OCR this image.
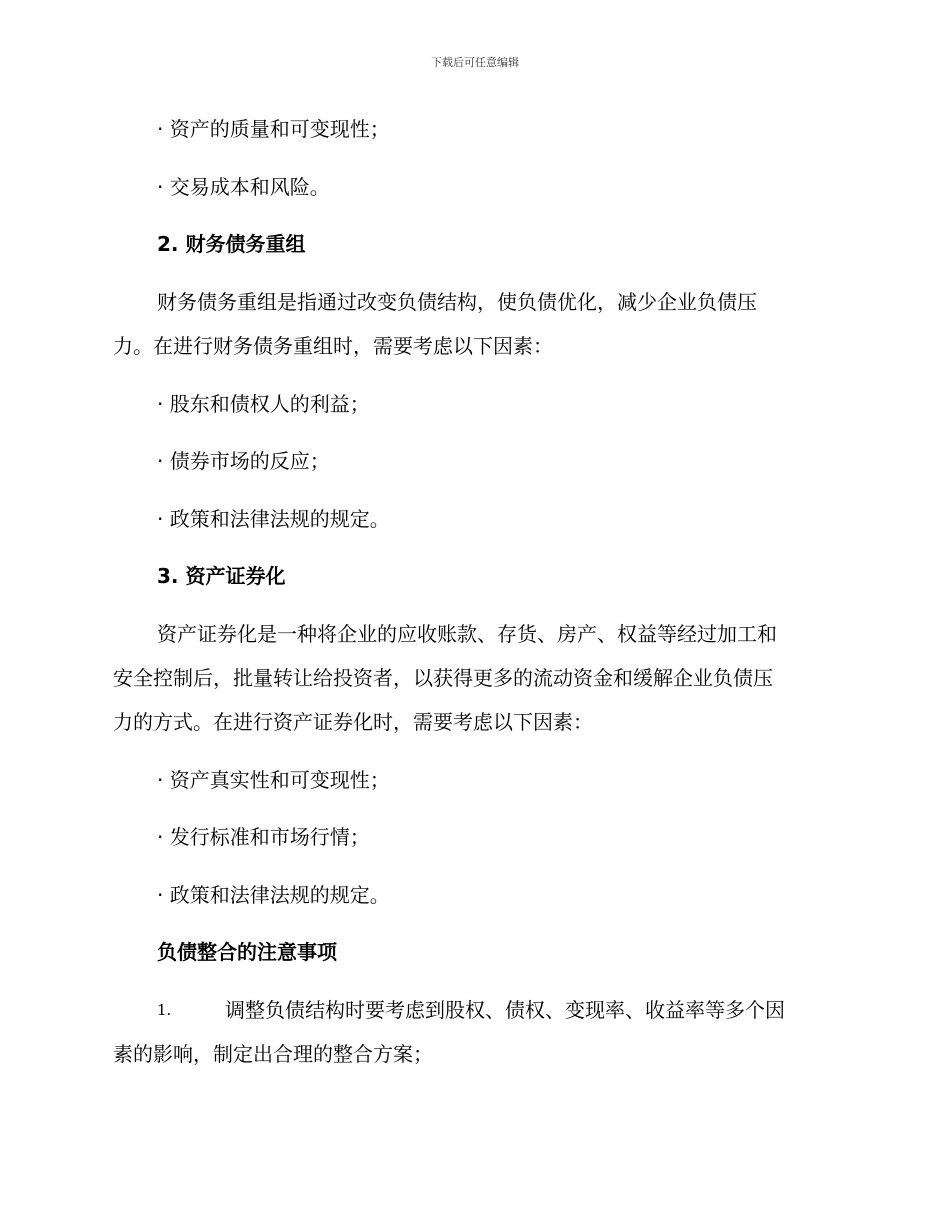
下载后可任意编辑
· 资产的质量和可变现性；
· 交易成本和风险。
2. 财务债务重组
财务债务重组是指通过改变负债结构，使负债优化，减少企业负债压
力。在进行财务债务重组时，需要考虑以下因素：
· 股东和债权人的利益；
· 债券市场的反应；
· 政策和法律法规的规定。
3. 资产证券化
资产证券化是一种将企业的应收账款、存货、房产、权益等经过加工和
安全控制后，批量转让给投资者，以获得更多的流动资金和缓解企业负债压
力的方式。在进行资产证券化时，需要考虑以下因素：
· 资产真实性和可变现性；
· 发行标准和市场行情；
· 政策和法律法规的规定。
负债整合的注意事项
1.	调整负债结构时要考虑到股权、债权、变现率、收益率等多个因
素的影响，制定出合理的整合方案；
